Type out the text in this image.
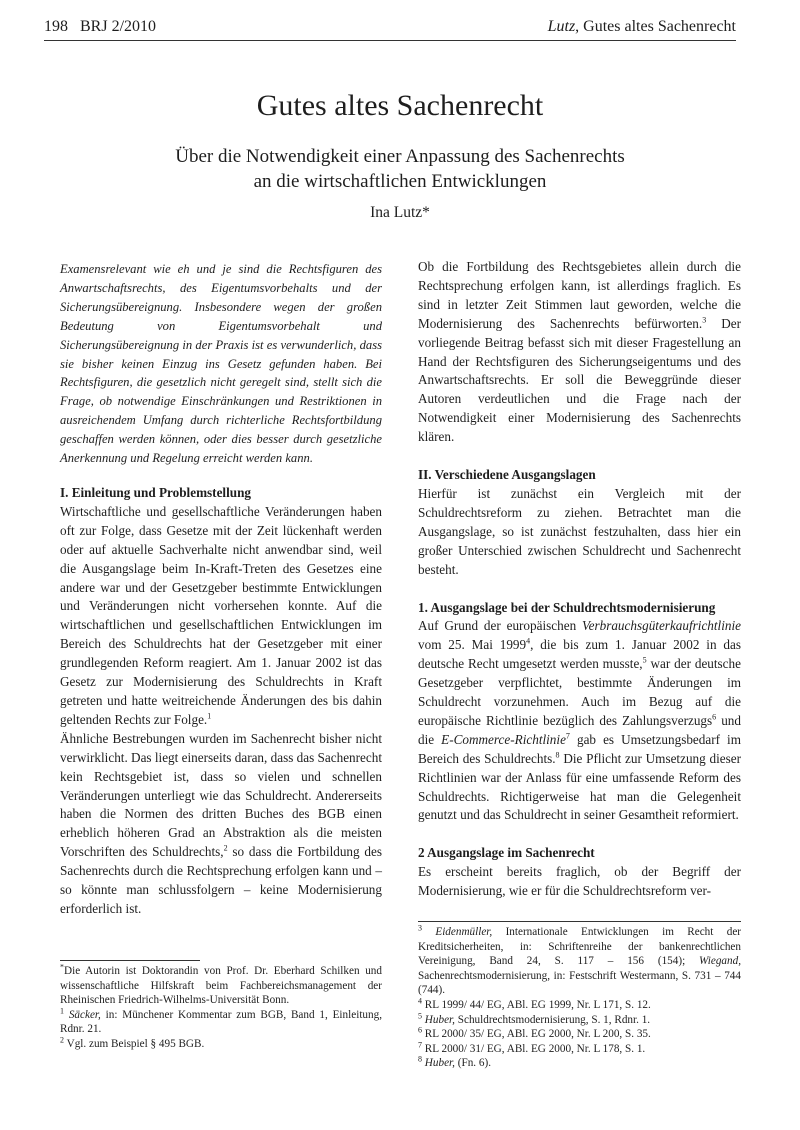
198 BRJ 2/2010	Lutz, Gutes altes Sachenrecht
Gutes altes Sachenrecht
Über die Notwendigkeit einer Anpassung des Sachenrechts
an die wirtschaftlichen Entwicklungen
Ina Lutz*

Examensrelevant wie eh und je sind die Rechtsfiguren des Anwartschaftsrechts, des Eigentumsvorbehalts und der Sicherungsübereignung. Insbesondere wegen der großen Bedeutung von Eigentumsvorbehalt und Sicherungsübereignung in der Praxis ist es verwunderlich, dass sie bisher keinen Einzug ins Gesetz gefunden haben. Bei Rechtsfiguren, die gesetzlich nicht geregelt sind, stellt sich die Frage, ob notwendige Einschränkungen und Restriktionen in ausreichendem Umfang durch richterliche Rechtsfortbildung geschaffen werden können, oder dies besser durch gesetzliche Anerkennung und Regelung erreicht werden kann.

I. Einleitung und Problemstellung

Wirtschaftliche und gesellschaftliche Veränderungen haben oft zur Folge, dass Gesetze mit der Zeit lückenhaft werden oder auf aktuelle Sachverhalte nicht anwendbar sind, weil die Ausgangslage beim In-Kraft-Treten des Gesetzes eine andere war und der Gesetzgeber bestimmte Entwicklungen und Veränderungen nicht vorhersehen konnte. Auf die wirtschaftlichen und gesellschaftlichen Entwicklungen im Bereich des Schuldrechts hat der Gesetzgeber mit einer grundlegenden Reform reagiert. Am 1. Januar 2002 ist das Gesetz zur Modernisierung des Schuldrechts in Kraft getreten und hatte weitreichende Änderungen des bis dahin geltenden Rechts zur Folge.$^1$

Ähnliche Bestrebungen wurden im Sachenrecht bisher nicht verwirklicht. Das liegt einerseits daran, dass das Sachenrecht kein Rechtsgebiet ist, dass so vielen und schnellen Veränderungen unterliegt wie das Schuldrecht. Andererseits haben die Normen des dritten Buches des BGB einen erheblich höheren Grad an Abstraktion als die meisten Vorschriften des Schuldrechts,$^2$ so dass die Fortbildung des Sachenrechts durch die Rechtsprechung erfolgen kann und – so könnte man schlussfolgern – keine Modernisierung erforderlich ist.

*Die Autorin ist Doktorandin von Prof. Dr. Eberhard Schilken und wissenschaftliche Hilfskraft beim Fachbereichsmanagement der Rheinischen Friedrich-Wilhelms-Universität Bonn.

$^1$ Säcker, in: Münchener Kommentar zum BGB, Band 1, Einleitung, Rdnr. 21.

$^2$ Vgl. zum Beispiel § 495 BGB.

Ob die Fortbildung des Rechtsgebietes allein durch die Rechtsprechung erfolgen kann, ist allerdings fraglich. Es sind in letzter Zeit Stimmen laut geworden, welche die Modernisierung des Sachenrechts befürworten.$^3$ Der vorliegende Beitrag befasst sich mit dieser Fragestellung an Hand der Rechtsfiguren des Sicherungseigentums und des Anwartschaftsrechts. Er soll die Beweggründe dieser Autoren verdeutlichen und die Frage nach der Notwendigkeit einer Modernisierung des Sachenrechts klären.

II. Verschiedene Ausgangslagen

Hierfür ist zunächst ein Vergleich mit der Schuldrechtsreform zu ziehen. Betrachtet man die Ausgangslage, so ist zunächst festzuhalten, dass hier ein großer Unterschied zwischen Schuldrecht und Sachenrecht besteht.

1. Ausgangslage bei der Schuldrechtsmodernisierung

Auf Grund der europäischen Verbrauchsgüterkaufrichtlinie vom 25. Mai 1999$^4$, die bis zum 1. Januar 2002 in das deutsche Recht umgesetzt werden musste,$^5$ war der deutsche Gesetzgeber verpflichtet, bestimmte Änderungen im Schuldrecht vorzunehmen. Auch im Bezug auf die europäische Richtlinie bezüglich des Zahlungsverzugs$^6$ und die E-Commerce-Richtlinie$^7$ gab es Umsetzungsbedarf im Bereich des Schuldrechts.$^8$ Die Pflicht zur Umsetzung dieser Richtlinien war der Anlass für eine umfassende Reform des Schuldrechts. Richtigerweise hat man die Gelegenheit genutzt und das Schuldrecht in seiner Gesamtheit reformiert.

2 Ausgangslage im Sachenrecht

Es erscheint bereits fraglich, ob der Begriff der Modernisierung, wie er für die Schuldrechtsreform ver-

$^3$ Eidenmüller, Internationale Entwicklungen im Recht der Kreditsicherheiten, in: Schriftenreihe der bankenrechtlichen Vereinigung, Band 24, S. 117 – 156 (154); Wiegand, Sachenrechtsmodernisierung, in: Festschrift Westermann, S. 731 – 744 (744).

$^4$ RL 1999/ 44/ EG, ABl. EG 1999, Nr. L 171, S. 12.

$^5$ Huber, Schuldrechtsmodernisierung, S. 1, Rdnr. 1.

$^6$ RL 2000/ 35/ EG, ABl. EG 2000, Nr. L 200, S. 35.

$^7$ RL 2000/ 31/ EG, ABl. EG 2000, Nr. L 178, S. 1.

$^8$ Huber, (Fn. 6).
